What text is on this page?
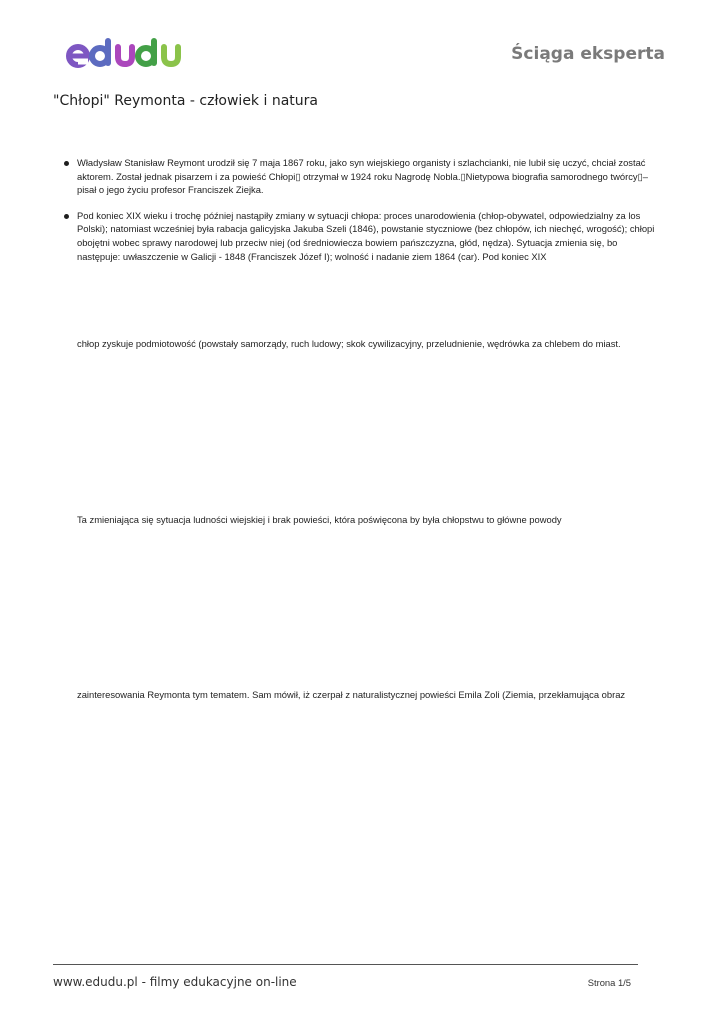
Ściąga eksperta
"Chłopi" Reymonta - człowiek i natura
Władysław Stanisław Reymont urodził się 7 maja 1867 roku, jako syn wiejskiego organisty i szlachcianki, nie lubił się uczyć, chciał zostać aktorem. Został jednak pisarzem i za powieść Chłopi▯ otrzymał w 1924 roku Nagrodę Nobla.▯Nietypowa biografia samorodnego twórcy▯– pisał o jego życiu profesor Franciszek Ziejka.
Pod koniec XIX wieku i trochę później nastąpiły zmiany w sytuacji chłopa: proces unarodowienia (chłop-obywatel, odpowiedzialny za los Polski); natomiast wcześniej była rabacja galicyjska Jakuba Szeli (1846), powstanie styczniowe (bez chłopów, ich niechęć, wrogość); chłopi obojętni wobec sprawy narodowej lub przeciw niej (od średniowiecza bowiem pańszczyzna, głód, nędza). Sytuacja zmienia się, bo następuje: uwłaszczenie w Galicji - 1848 (Franciszek Józef I); wolność i nadanie ziem 1864 (car). Pod koniec XIX
chłop zyskuje podmiotowość (powstały samorządy, ruch ludowy; skok cywilizacyjny, przeludnienie, wędrówka za chlebem do miast.
Ta zmieniająca się sytuacja ludności wiejskiej i brak powieści, która poświęcona by była chłopstwu to główne powody
zainteresowania Reymonta tym tematem. Sam mówił, iż czerpał z naturalistycznej powieści Emila Zoli (Ziemia, przekłamująca obraz
www.edudu.pl - filmy edukacyjne on-line	Strona 1/5
